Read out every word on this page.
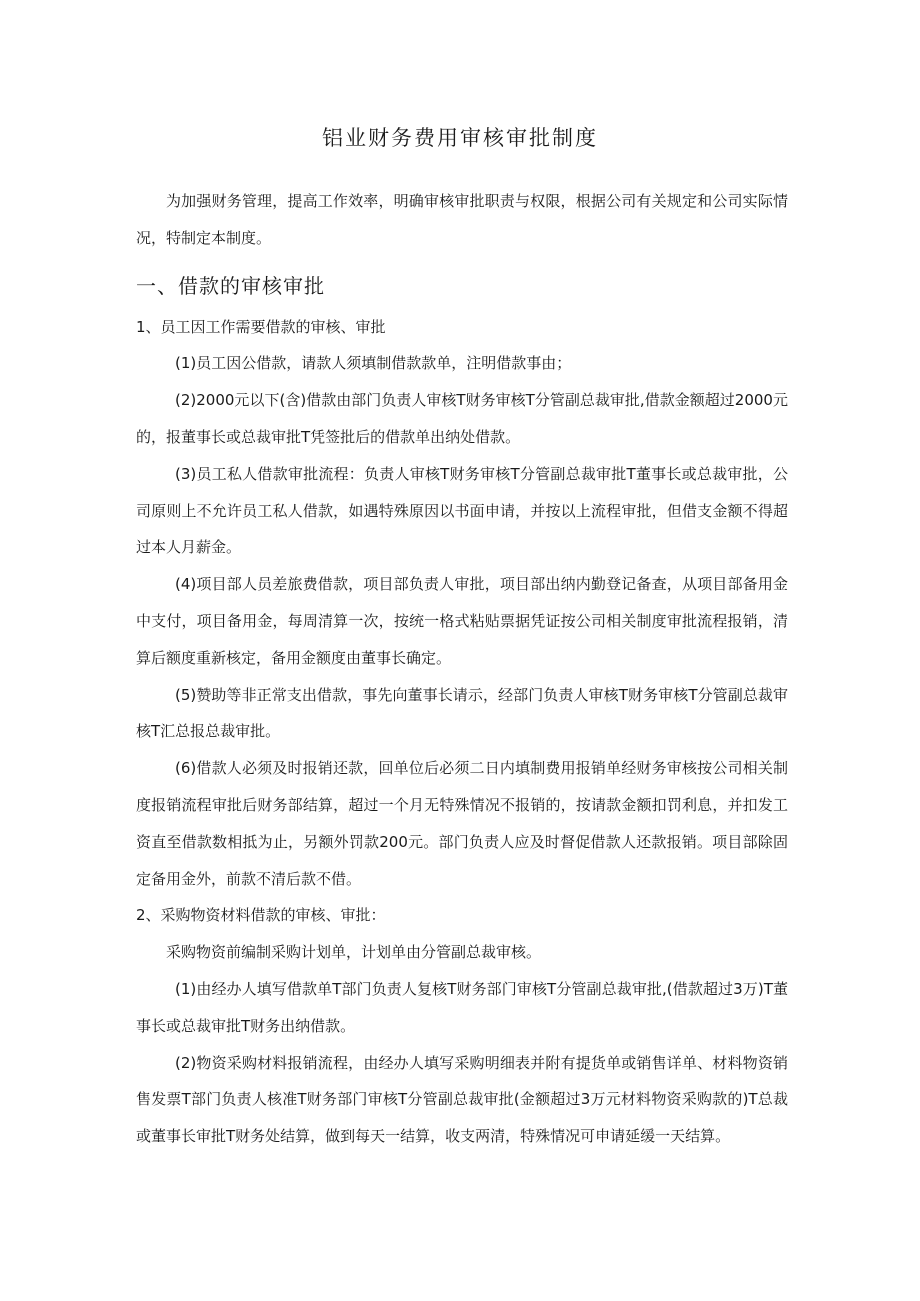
铝业财务费用审核审批制度

为加强财务管理，提高工作效率，明确审核审批职责与权限，根据公司有关规定和公司实际情况，特制定本制度。

一、借款的审核审批

1、员工因工作需要借款的审核、审批

(1)员工因公借款，请款人须填制借款款单，注明借款事由；

(2)2000元以下(含)借款由部门负责人审核T财务审核T分管副总裁审批,借款金额超过2000元的，报董事长或总裁审批T凭签批后的借款单出纳处借款。

(3)员工私人借款审批流程：负责人审核T财务审核T分管副总裁审批T董事长或总裁审批，公司原则上不允许员工私人借款，如遇特殊原因以书面申请，并按以上流程审批，但借支金额不得超过本人月薪金。

(4)项目部人员差旅费借款，项目部负责人审批，项目部出纳内勤登记备查，从项目部备用金中支付，项目备用金，每周清算一次，按统一格式粘贴票据凭证按公司相关制度审批流程报销，清算后额度重新核定，备用金额度由董事长确定。

(5)赞助等非正常支出借款，事先向董事长请示，经部门负责人审核T财务审核T分管副总裁审核T汇总报总裁审批。

(6)借款人必须及时报销还款，回单位后必须二日内填制费用报销单经财务审核按公司相关制度报销流程审批后财务部结算，超过一个月无特殊情况不报销的，按请款金额扣罚利息，并扣发工资直至借款数相抵为止，另额外罚款200元。部门负责人应及时督促借款人还款报销。项目部除固定备用金外，前款不清后款不借。

2、采购物资材料借款的审核、审批：

采购物资前编制采购计划单，计划单由分管副总裁审核。

(1)由经办人填写借款单T部门负责人复核T财务部门审核T分管副总裁审批,(借款超过3万)T董事长或总裁审批T财务出纳借款。

(2)物资采购材料报销流程，由经办人填写采购明细表并附有提货单或销售详单、材料物资销售发票T部门负责人核准T财务部门审核T分管副总裁审批(金额超过3万元材料物资采购款的)T总裁或董事长审批T财务处结算，做到每天一结算，收支两清，特殊情况可申请延缓一天结算。
